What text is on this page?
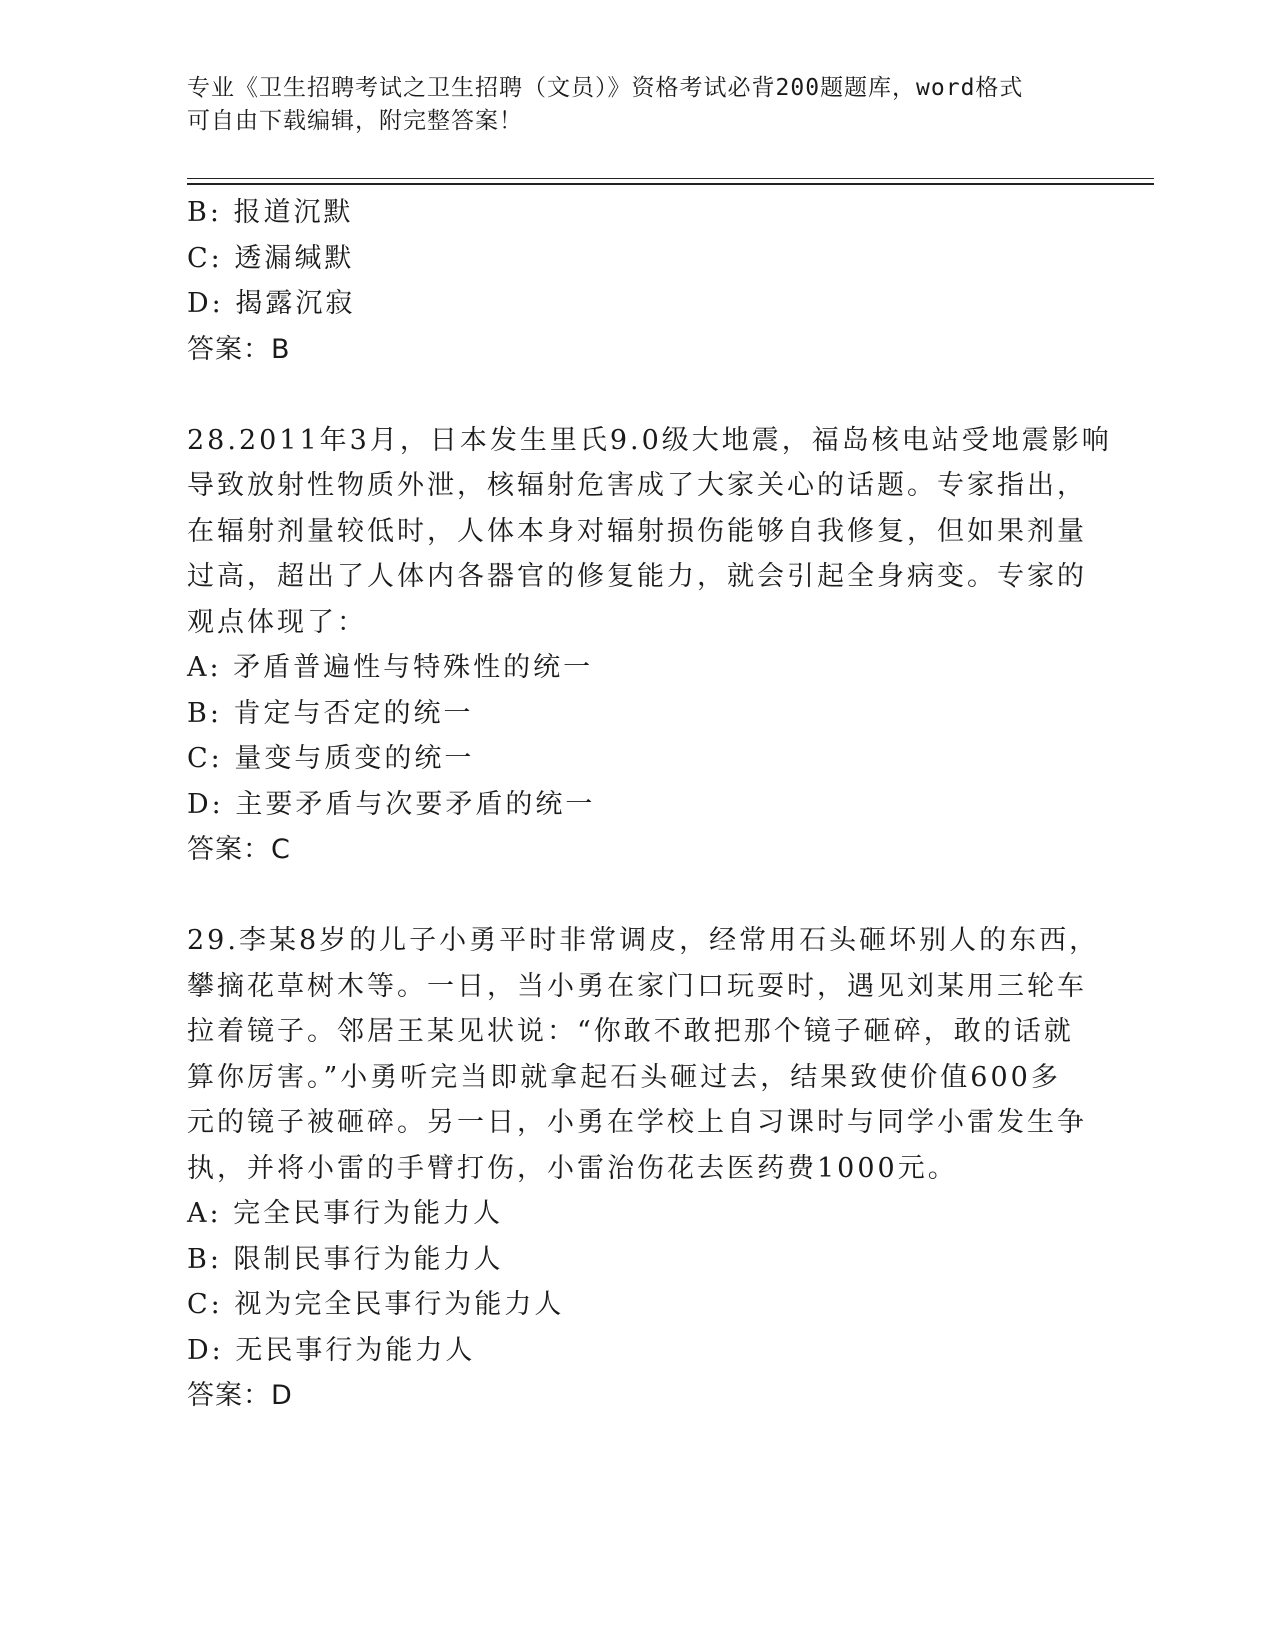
专业《卫生招聘考试之卫生招聘（文员）》资格考试必背200题题库，word格式
可自由下载编辑，附完整答案！
B: 报道沉默
C: 透漏缄默
D: 揭露沉寂
答案：B
28.2011年3月，日本发生里氏9.0级大地震，福岛核电站受地震影响
导致放射性物质外泄，核辐射危害成了大家关心的话题。专家指出，
在辐射剂量较低时，人体本身对辐射损伤能够自我修复，但如果剂量
过高，超出了人体内各器官的修复能力，就会引起全身病变。专家的
观点体现了：
A: 矛盾普遍性与特殊性的统一
B: 肯定与否定的统一
C: 量变与质变的统一
D: 主要矛盾与次要矛盾的统一
答案：C
29.李某8岁的儿子小勇平时非常调皮，经常用石头砸坏别人的东西，
攀摘花草树木等。一日，当小勇在家门口玩耍时，遇见刘某用三轮车
拉着镜子。邻居王某见状说：“你敢不敢把那个镜子砸碎，敢的话就
算你厉害。”小勇听完当即就拿起石头砸过去，结果致使价值600多
元的镜子被砸碎。另一日，小勇在学校上自习课时与同学小雷发生争
执，并将小雷的手臂打伤，小雷治伤花去医药费1000元。
A: 完全民事行为能力人
B: 限制民事行为能力人
C: 视为完全民事行为能力人
D: 无民事行为能力人
答案：D
